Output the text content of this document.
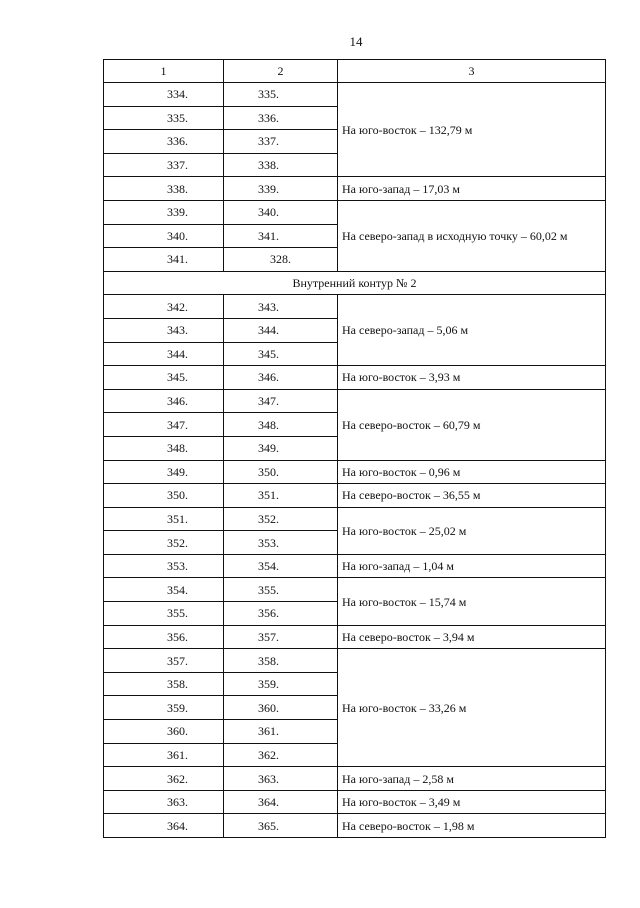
14
1	2	3
334.	335.	На юго-восток – 132,79 м
335.	336.	
336.	337.	
337.	338.	
338.	339.	На юго-запад – 17,03 м
339.	340.	На северо-запад в исходную точку – 60,02 м
340.	341.	
341.	328.	
Внутренний контур № 2		
342.	343.	На северо-запад – 5,06 м
343.	344.	
344.	345.	
345.	346.	На юго-восток – 3,93 м
346.	347.	На северо-восток – 60,79 м
347.	348.	
348.	349.	
349.	350.	На юго-восток – 0,96 м
350.	351.	На северо-восток – 36,55 м
351.	352.	На юго-восток – 25,02 м
352.	353.	
353.	354.	На юго-запад – 1,04 м
354.	355.	На юго-восток – 15,74 м
355.	356.	
356.	357.	На северо-восток – 3,94 м
357.	358.	На юго-восток – 33,26 м
358.	359.	
359.	360.	
360.	361.	
361.	362.	
362.	363.	На юго-запад – 2,58 м
363.	364.	На юго-восток – 3,49 м
364.	365.	На северо-восток – 1,98 м
